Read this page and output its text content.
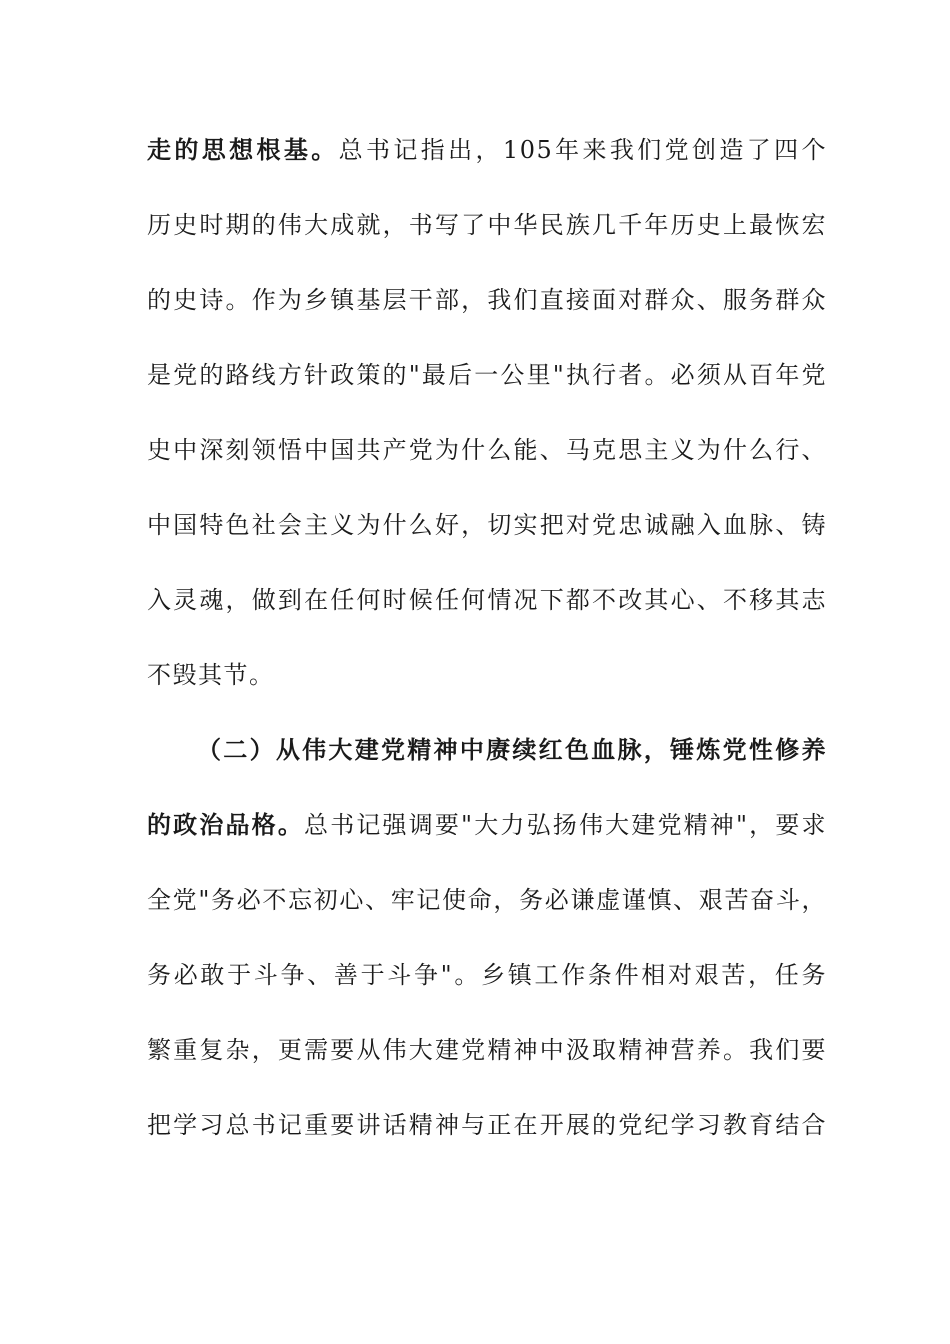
走的思想根基。总书记指出，105年来我们党创造了四个
历史时期的伟大成就，书写了中华民族几千年历史上最恢宏
的史诗。作为乡镇基层干部，我们直接面对群众、服务群众
是党的路线方针政策的"最后一公里"执行者。必须从百年党
史中深刻领悟中国共产党为什么能、马克思主义为什么行、
中国特色社会主义为什么好，切实把对党忠诚融入血脉、铸
入灵魂，做到在任何时候任何情况下都不改其心、不移其志
不毁其节。
（二）从伟大建党精神中赓续红色血脉，锤炼党性修养
的政治品格。总书记强调要"大力弘扬伟大建党精神"，要求
全党"务必不忘初心、牢记使命，务必谦虚谨慎、艰苦奋斗，
务必敢于斗争、善于斗争"。乡镇工作条件相对艰苦，任务
繁重复杂，更需要从伟大建党精神中汲取精神营养。我们要
把学习总书记重要讲话精神与正在开展的党纪学习教育结合
